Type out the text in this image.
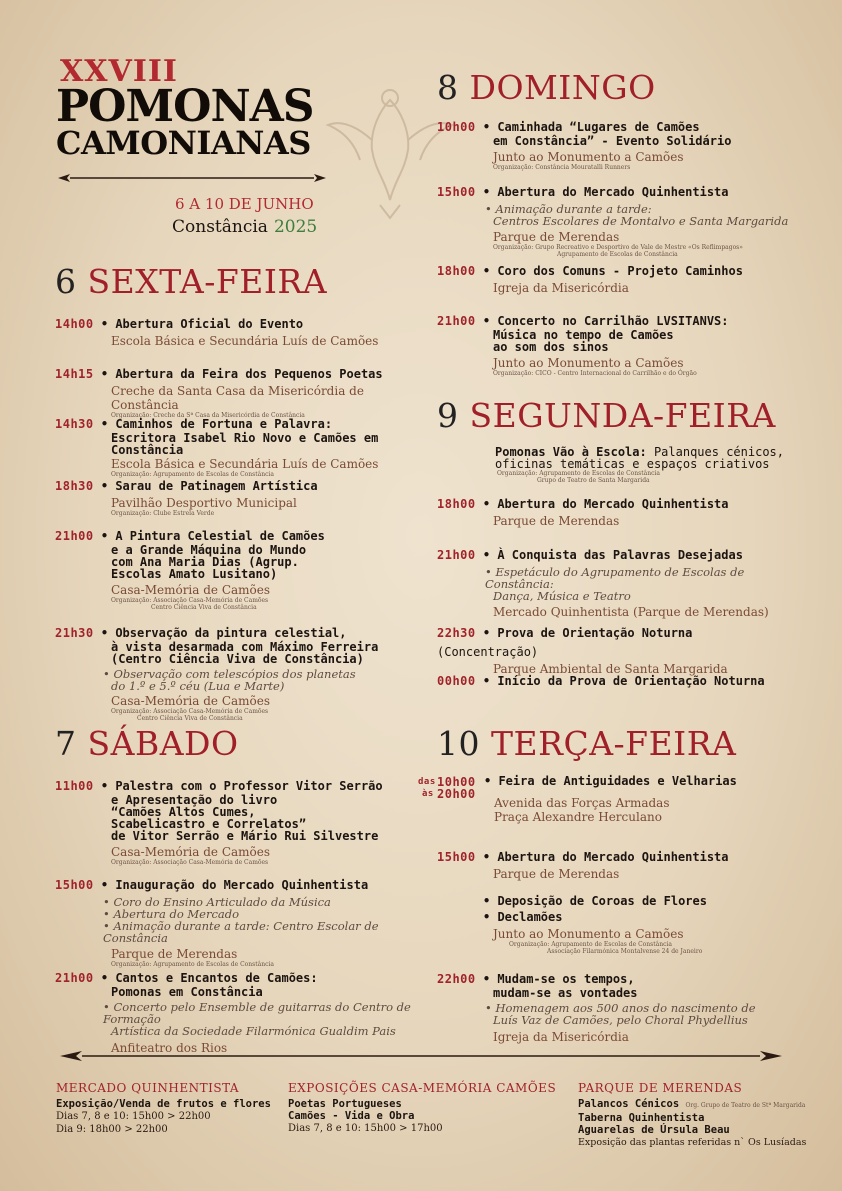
XXVIII
POMONAS
CAMONIANAS
6 A 10 DE JUNHO
Constância 2025
6 SEXTA-FEIRA
14h00 • Abertura Oficial do Evento
Escola Básica e Secundária Luís de Camões
14h15 • Abertura da Feira dos Pequenos Poetas
Creche da Santa Casa da Misericórdia de Constância
Organização: Creche da Sª Casa da Misericórdia de Constância
14h30 • Caminhos de Fortuna e Palavra:
Escritora Isabel Rio Novo e Camões em Constância
Escola Básica e Secundária Luís de Camões
Organização: Agrupamento de Escolas de Constância
18h30 • Sarau de Patinagem Artística
Pavilhão Desportivo Municipal
Organização: Clube Estrela Verde
21h00 • A Pintura Celestial de Camões
e a Grande Máquina do Mundo
com Ana Maria Dias (Agrup.
Escolas Amato Lusitano)
Casa-Memória de Camões
Organização: Associação Casa-Memória de Camões
Centro Ciência Viva de Constância
21h30 • Observação da pintura celestial,
à vista desarmada com Máximo Ferreira
(Centro Ciência Viva de Constância)
• Observação com telescópios dos planetas
do 1.º e 5.º céu (Lua e Marte)
Casa-Memória de Camões
Organização: Associação Casa-Memória de Camões
Centro Ciência Viva de Constância
7 SÁBADO
11h00 • Palestra com o Professor Vitor Serrão
e Apresentação do livro
“Camões Altos Cumes,
Scabelicastro e Correlatos”
de Vitor Serrão e Mário Rui Silvestre
Casa-Memória de Camões
Organização: Associação Casa-Memória de Camões
15h00 • Inauguração do Mercado Quinhentista
• Coro do Ensino Articulado da Música
• Abertura do Mercado
• Animação durante a tarde: Centro Escolar de Constância
Parque de Merendas
Organização: Agrupamento de Escolas de Constância
21h00 • Cantos e Encantos de Camões:
Pomonas em Constância
• Concerto pelo Ensemble de guitarras do Centro de Formação
Artística da Sociedade Filarmónica Gualdim Pais
Anfiteatro dos Rios
8 DOMINGO
10h00 • Caminhada “Lugares de Camões
em Constância” - Evento Solidário
Junto ao Monumento a Camões
Organização: Constância Mouratalli Runners
15h00 • Abertura do Mercado Quinhentista
• Animação durante a tarde:
Centros Escolares de Montalvo e Santa Margarida
Parque de Merendas
Organização: Grupo Recreativo e Desportivo de Vale de Mestre «Os Reflimpagos»
Agrupamento de Escolas de Constância
18h00 • Coro dos Comuns - Projeto Caminhos
Igreja da Misericórdia
21h00 • Concerto no Carrilhão LVSITANVS:
Música no tempo de Camões
ao som dos sinos
Junto ao Monumento a Camões
Organização: CICO - Centro Internacional do Carrilhão e do Órgão
9 SEGUNDA-FEIRA
Pomonas Vão à Escola: Palanques cénicos,
oficinas temáticas e espaços criativos
Organização: Agrupamento de Escolas de Constância
Grupo de Teatro de Santa Margarida
18h00 • Abertura do Mercado Quinhentista
Parque de Merendas
21h00 • À Conquista das Palavras Desejadas
• Espetáculo do Agrupamento de Escolas de Constância:
Dança, Música e Teatro
Mercado Quinhentista (Parque de Merendas)
22h30 • Prova de Orientação Noturna (Concentração)
Parque Ambiental de Santa Margarida
00h00 • Início da Prova de Orientação Noturna
10 TERÇA-FEIRA
das 10h00
às 20h00
• Feira de Antiguidades e Velharias
Avenida das Forças Armadas
Praça Alexandre Herculano
15h00 • Abertura do Mercado Quinhentista
Parque de Merendas
• Deposição de Coroas de Flores
• Declamões
Junto ao Monumento a Camões
Organização: Agrupamento de Escolas de Constância
Associação Filarmónica Montalvense 24 de Janeiro
22h00 • Mudam-se os tempos,
mudam-se as vontades
• Homenagem aos 500 anos do nascimento de
Luís Vaz de Camões, pelo Choral Phydellius
Igreja da Misericórdia
MERCADO QUINHENTISTA
Exposição/Venda de frutos e flores
Dias 7, 8 e 10: 15h00 > 22h00
Dia 9: 18h00 > 22h00
EXPOSIÇÕES CASA-MEMÓRIA CAMÕES
Poetas Portugueses
Camões - Vida e Obra
Dias 7, 8 e 10: 15h00 > 17h00
PARQUE DE MERENDAS
Palancos Cénicos Org. Grupo de Teatro de Stª Margarida
Taberna Quinhentista
Aguarelas de Úrsula Beau
Exposição das plantas referidas n` Os Lusíadas
